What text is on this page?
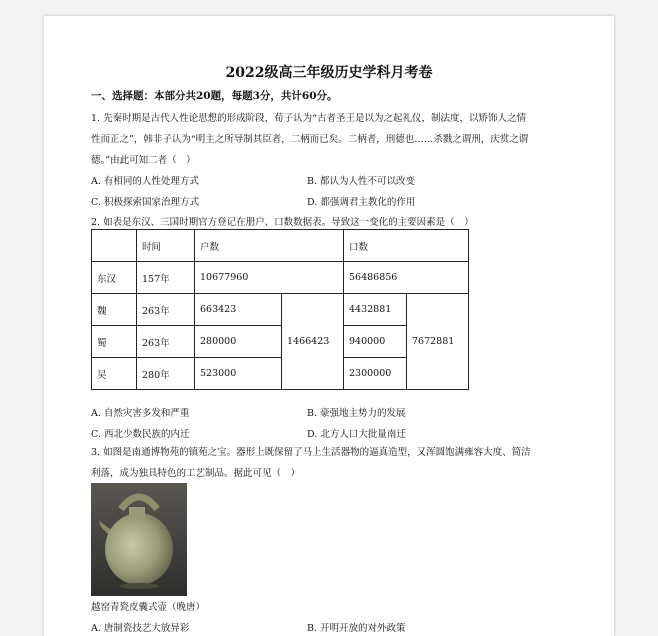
2022级高三年级历史学科月考卷
一、选择题：本部分共20题，每题3分，共计60分。
1. 先秦时期是古代人性论思想的形成阶段，荀子认为“古者圣王是以为之起礼仪，制法度，以矫饰人之情
性而正之”，韩非子认为“明主之所导制其臣者，二柄而已矣。二柄者，刑德也……杀戮之谓刑，庆赏之谓
德。”由此可知二者（　）
A. 有相同的人性处理方式	B. 都认为人性不可以改变
C. 积极探索国家治理方式	D. 都强调君主教化的作用
2. 如表是东汉、三国时期官方登记在册户、口数数据表。导致这一变化的主要因素是（　）
	时间	户数		口数	
东汉	157年	10677960		56486856	
魏	263年	663423	1466423	4432881	7672881
蜀	263年	280000		940000	
吴	280年	523000		2300000	
A. 自然灾害多发和严重	B. 豪强地主势力的发展
C. 西北少数民族的内迁	D. 北方人口大批量南迁
3. 如图是南通博物苑的镇苑之宝。器形上既保留了马上生活器物的逼真造型，又浑圆饱满雍容大度、简洁
利落，成为独具特色的工艺制品。据此可见（　）
越窑青瓷皮囊式壶（晚唐）
A. 唐制瓷技艺大放异彩	B. 开明开放的对外政策
